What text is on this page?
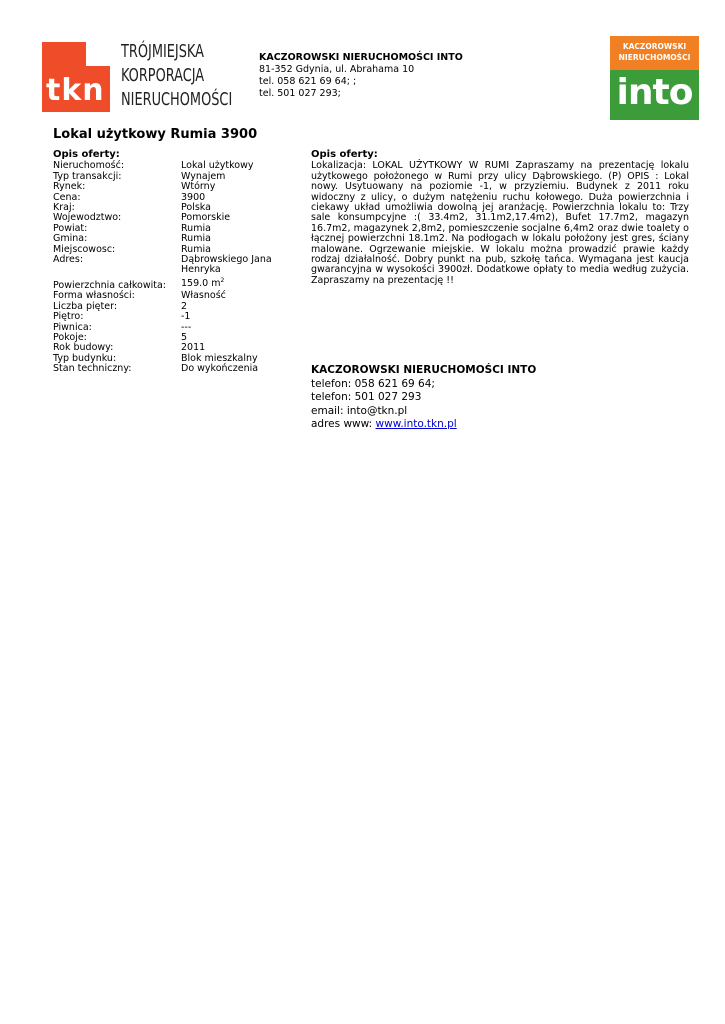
tkn
TRÓJMIEJSKA
KORPORACJA
NIERUCHOMOŚCI
KACZOROWSKI NIERUCHOMOŚCI INTO
81-352 Gdynia, ul. Abrahama 10
tel. 058 621 69 64; ;
tel. 501 027 293;
KACZOROWSKI
NIERUCHOMOŚCI
into
Lokal użytkowy Rumia 3900
Opis oferty:
Nieruchomość:	Lokal użytkowy
Typ transakcji:	Wynajem
Rynek:	Wtórny
Cena:	3900
Kraj:	Polska
Wojewodztwo:	Pomorskie
Powiat:	Rumia
Gmina:	Rumia
Miejscowosc:	Rumia
Adres:	Dąbrowskiego Jana Henryka
Powierzchnia całkowita:	159.0 $m^2$
Forma własności:	Własność
Liczba pięter:	2
Piętro:	-1
Piwnica:	---
Pokoje:	5
Rok budowy:	2011
Typ budynku:	Blok mieszkalny
Stan techniczny:	Do wykończenia
Opis oferty:
Lokalizacja: LOKAL UŻYTKOWY W RUMI Zapraszamy na prezentację lokalu użytkowego położonego w Rumi przy ulicy Dąbrowskiego. (P) OPIS : Lokal nowy. Usytuowany na poziomie -1, w przyziemiu. Budynek z 2011 roku widoczny z ulicy, o dużym natężeniu ruchu kołowego. Duża powierzchnia i ciekawy układ umożliwia dowolną jej aranżację. Powierzchnia lokalu to: Trzy sale konsumpcyjne :( 33.4m2, 31.1m2,17.4m2), Bufet 17.7m2, magazyn 16.7m2, magazynek 2,8m2, pomieszczenie socjalne 6,4m2 oraz dwie toalety o łącznej powierzchni 18.1m2. Na podłogach w lokalu położony jest gres, ściany malowane. Ogrzewanie miejskie. W lokalu można prowadzić prawie każdy rodzaj działalność. Dobry punkt na pub, szkołę tańca. Wymagana jest kaucja gwarancyjna w wysokości 3900zł. Dodatkowe opłaty to media według zużycia. Zapraszamy na prezentację !!
KACZOROWSKI NIERUCHOMOŚCI INTO
telefon: 058 621 69 64;
telefon: 501 027 293
email: into@tkn.pl
adres www: www.into.tkn.pl
